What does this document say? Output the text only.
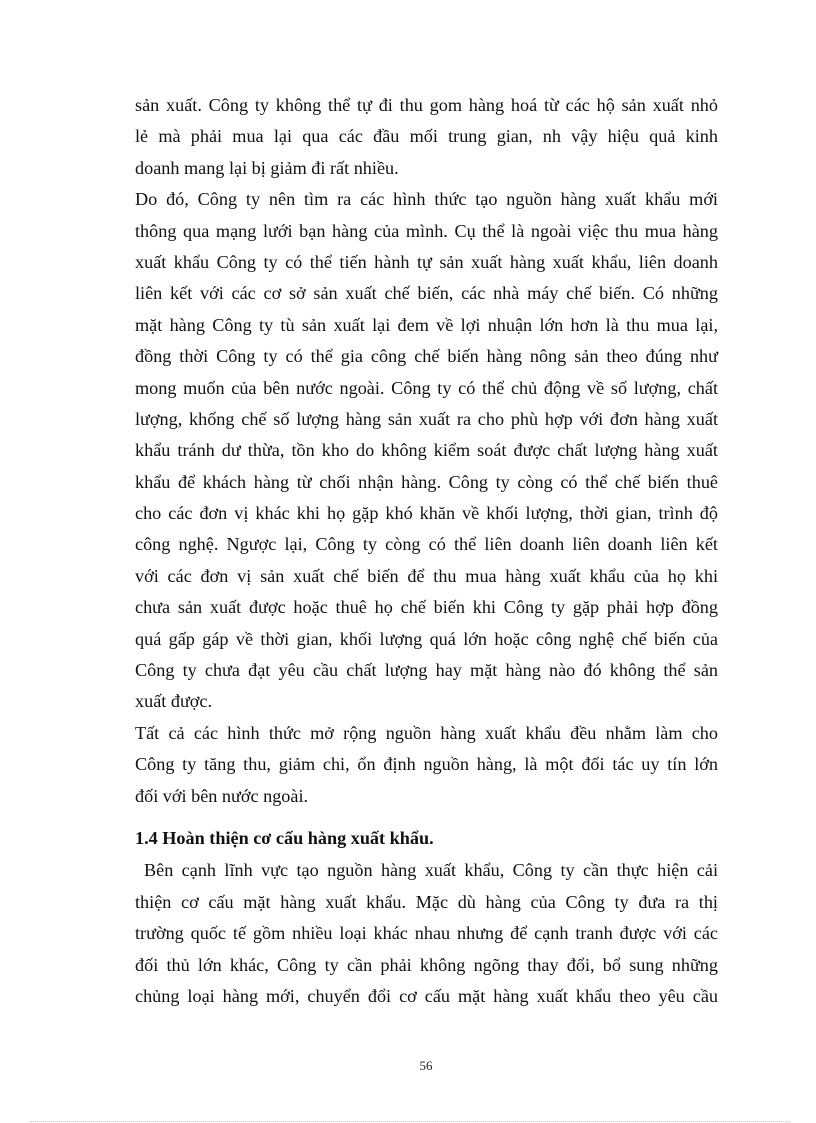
sản xuất. Công ty không thể tự đi thu gom hàng hoá từ các hộ sản xuất nhỏ
lẻ mà phải mua lại qua các đầu mối trung gian, nh vậy hiệu quả kinh
doanh mang lại bị giảm đi rất nhiều.
Do đó, Công ty nên tìm ra các hình thức tạo nguồn hàng xuất khẩu mới
thông qua mạng lưới bạn hàng của mình. Cụ thể là ngoài việc thu mua hàng
xuất khẩu Công ty có thể tiến hành tự sản xuất hàng xuất khẩu, liên doanh
liên kết với các cơ sở sản xuất chế biến, các nhà máy chế biến. Có những
mặt hàng Công ty tù sản xuất lại đem về lợi nhuận lớn hơn là thu mua lại,
đồng thời Công ty có thể gia công chế biến hàng nông sản theo đúng như
mong muốn của bên nước ngoài. Công ty có thể chủ động về số lượng, chất
lượng, khống chế số lượng hàng sản xuất ra cho phù hợp với đơn hàng xuất
khẩu tránh dư thừa, tồn kho do không kiểm soát được chất lượng hàng xuất
khẩu để khách hàng từ chối nhận hàng. Công ty còng có thể chế biến thuê
cho các đơn vị khác khi họ gặp khó khăn về khối lượng, thời gian, trình độ
công nghệ. Ngược lại, Công ty còng có thể liên doanh liên doanh liên kết
với các đơn vị sản xuất chế biến để thu mua hàng xuất khẩu của họ khi
chưa sản xuất được hoặc thuê họ chế biến khi Công ty gặp phải hợp đồng
quá gấp gáp về thời gian, khối lượng quá lớn hoặc công nghệ chế biến của
Công ty chưa đạt yêu cầu chất lượng hay mặt hàng nào đó không thể sản
xuất được.
Tất cả các hình thức mở rộng nguồn hàng xuất khẩu đều nhằm làm cho
Công ty tăng thu, giảm chi, ổn định nguồn hàng, là một đối tác uy tín lớn
đối với bên nước ngoài.
1.4 Hoàn thiện cơ cấu hàng xuất khẩu.
Bên cạnh lĩnh vực tạo nguồn hàng xuất khẩu, Công ty cần thực hiện cải
thiện cơ cấu mặt hàng xuất khẩu. Mặc dù hàng của Công ty đưa ra thị
trường quốc tế gồm nhiều loại khác nhau nhưng để cạnh tranh được với các
đối thủ lớn khác, Công ty cần phải không ngõng thay đổi, bổ sung những
chủng loại hàng mới, chuyển đổi cơ cấu mặt hàng xuất khẩu theo yêu cầu
56
